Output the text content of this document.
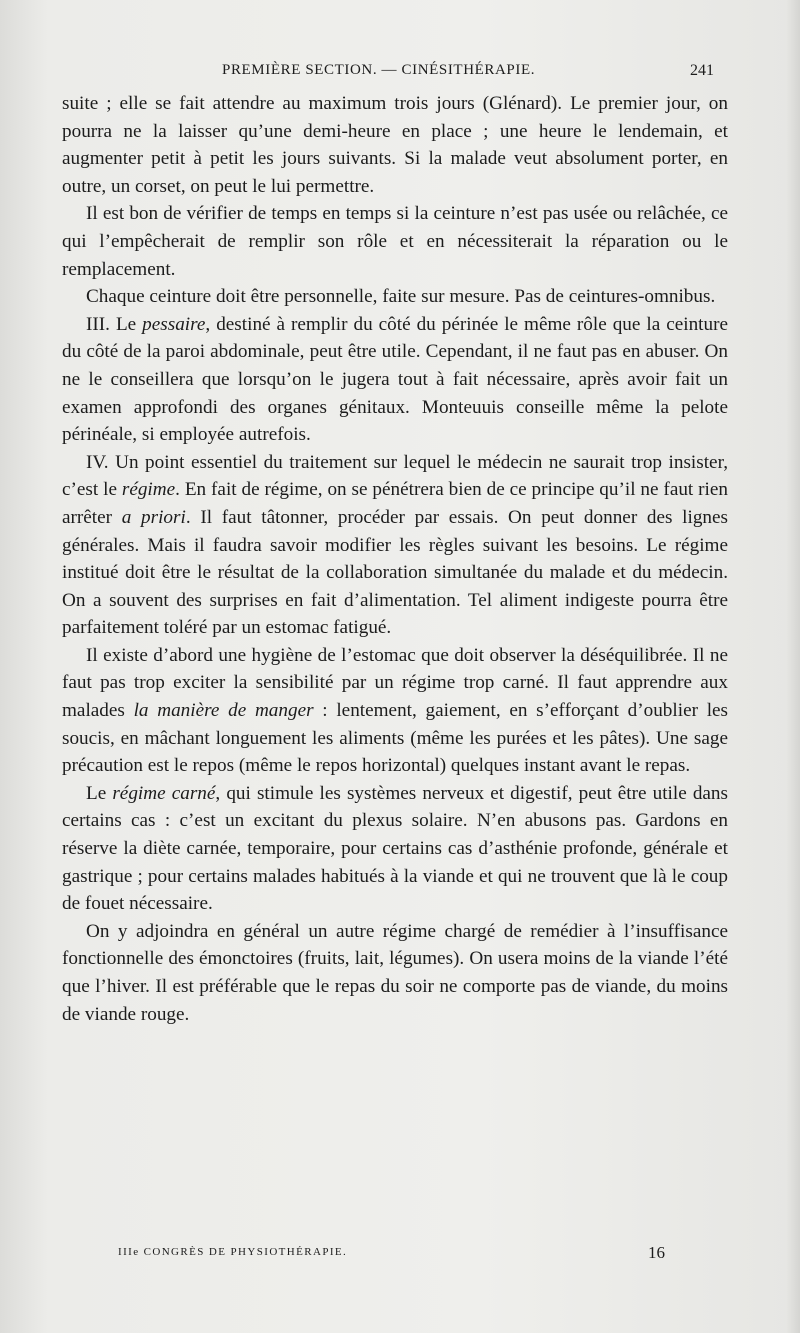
PREMIÈRE SECTION. — CINÉSITHÉRAPIE.	241

suite ; elle se fait attendre au maximum trois jours (Glénard). Le premier jour, on pourra ne la laisser qu’une demi-heure en place ; une heure le lendemain, et augmenter petit à petit les jours suivants. Si la malade veut absolument porter, en outre, un corset, on peut le lui permettre.

Il est bon de vérifier de temps en temps si la ceinture n’est pas usée ou relâchée, ce qui l’empêcherait de remplir son rôle et en nécessiterait la réparation ou le remplacement.

Chaque ceinture doit être personnelle, faite sur mesure. Pas de ceintures-omnibus.

III. Le pessaire, destiné à remplir du côté du périnée le même rôle que la ceinture du côté de la paroi abdominale, peut être utile. Cependant, il ne faut pas en abuser. On ne le conseillera que lorsqu’on le jugera tout à fait nécessaire, après avoir fait un examen approfondi des organes génitaux. Monteuuis conseille même la pelote périnéale, si employée autrefois.

IV. Un point essentiel du traitement sur lequel le médecin ne saurait trop insister, c’est le régime. En fait de régime, on se pénétrera bien de ce principe qu’il ne faut rien arrêter a priori. Il faut tâtonner, procéder par essais. On peut donner des lignes générales. Mais il faudra savoir modifier les règles suivant les besoins. Le régime institué doit être le résultat de la collaboration simultanée du malade et du médecin. On a souvent des surprises en fait d’alimentation. Tel aliment indigeste pourra être parfaitement toléré par un estomac fatigué.

Il existe d’abord une hygiène de l’estomac que doit observer la déséquilibrée. Il ne faut pas trop exciter la sensibilité par un régime trop carné. Il faut apprendre aux malades la manière de manger : lentement, gaiement, en s’efforçant d’oublier les soucis, en mâchant longuement les aliments (même les purées et les pâtes). Une sage précaution est le repos (même le repos horizontal) quelques instant avant le repas.

Le régime carné, qui stimule les systèmes nerveux et digestif, peut être utile dans certains cas : c’est un excitant du plexus solaire. N’en abusons pas. Gardons en réserve la diète carnée, temporaire, pour certains cas d’asthénie profonde, générale et gastrique ; pour certains malades habitués à la viande et qui ne trouvent que là le coup de fouet nécessaire.

On y adjoindra en général un autre régime chargé de remédier à l’insuffisance fonctionnelle des émonctoires (fruits, lait, légumes). On usera moins de la viande l’été que l’hiver. Il est préférable que le repas du soir ne comporte pas de viande, du moins de viande rouge.

IIIe CONGRÈS DE PHYSIOTHÉRAPIE.	16
